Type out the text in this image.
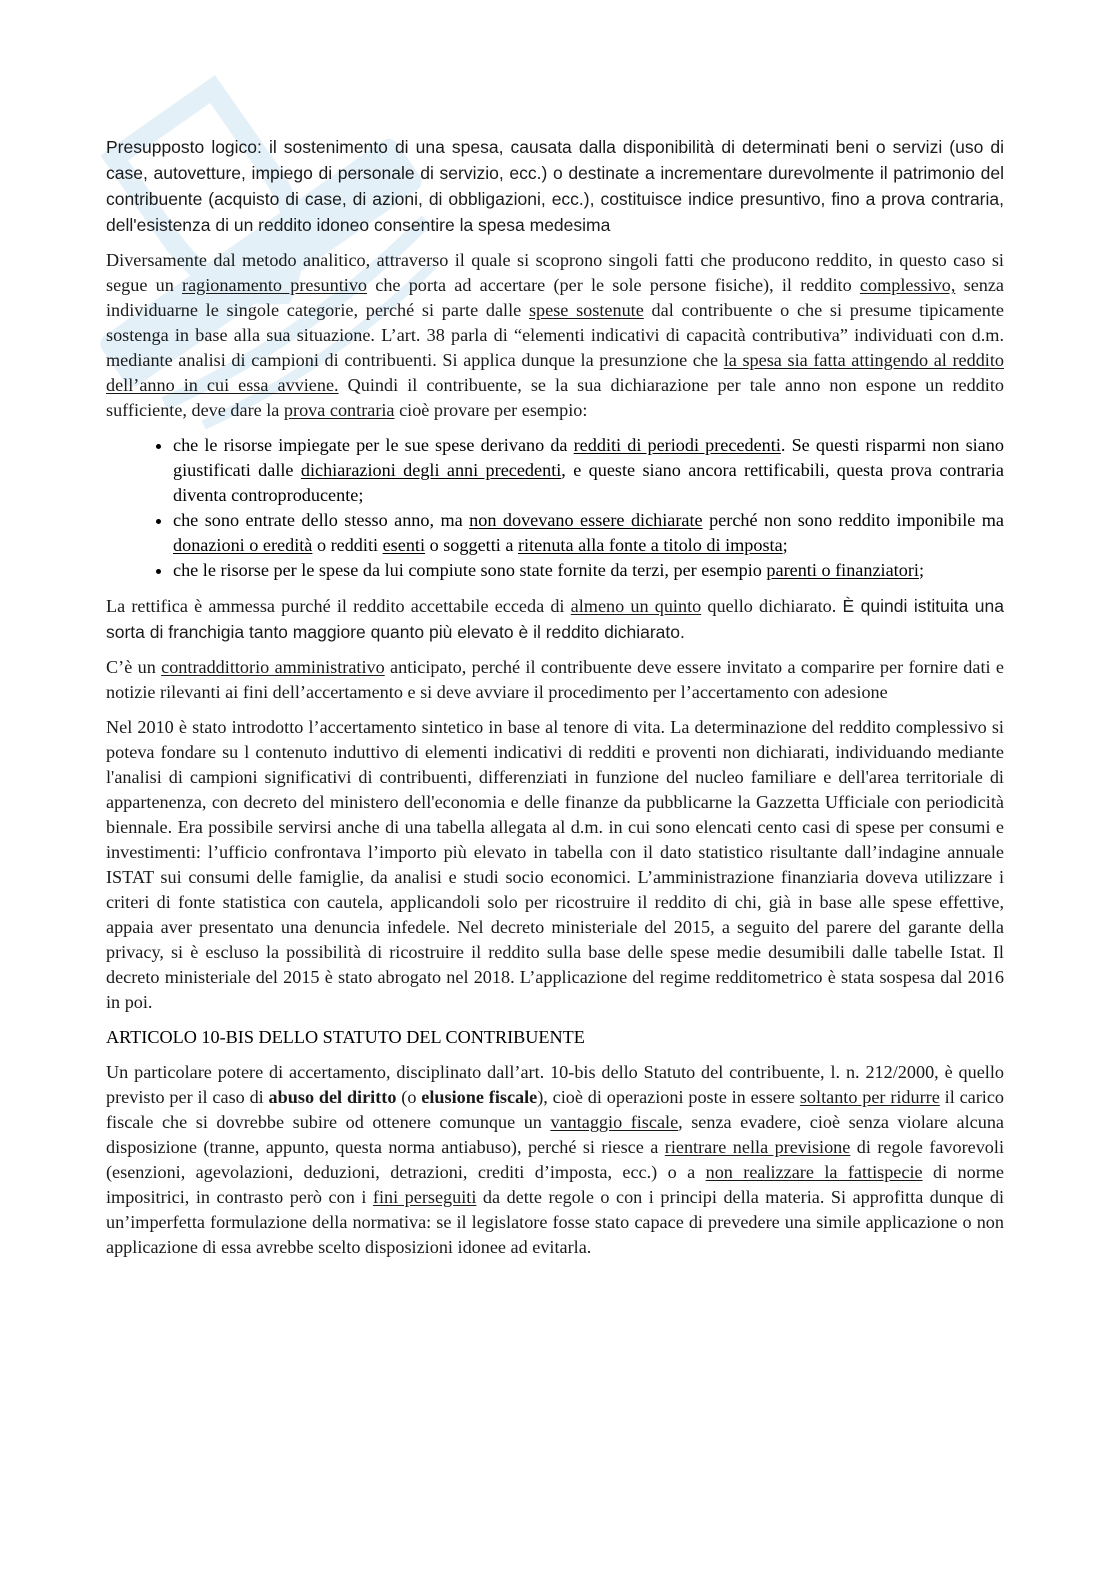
Presupposto logico: il sostenimento di una spesa, causata dalla disponibilità di determinati beni o servizi (uso di case, autovetture, impiego di personale di servizio, ecc.) o destinate a incrementare durevolmente il patrimonio del contribuente (acquisto di case, di azioni, di obbligazioni, ecc.), costituisce indice presuntivo, fino a prova contraria, dell'esistenza di un reddito idoneo consentire la spesa medesima

Diversamente dal metodo analitico, attraverso il quale si scoprono singoli fatti che producono reddito, in questo caso si segue un ragionamento presuntivo che porta ad accertare (per le sole persone fisiche), il reddito complessivo, senza individuarne le singole categorie, perché si parte dalle spese sostenute dal contribuente o che si presume tipicamente sostenga in base alla sua situazione. L’art. 38 parla di “elementi indicativi di capacità contributiva” individuati con d.m. mediante analisi di campioni di contribuenti. Si applica dunque la presunzione che la spesa sia fatta attingendo al reddito dell’anno in cui essa avviene. Quindi il contribuente, se la sua dichiarazione per tale anno non espone un reddito sufficiente, deve dare la prova contraria cioè provare per esempio:

• che le risorse impiegate per le sue spese derivano da redditi di periodi precedenti. Se questi risparmi non siano giustificati dalle dichiarazioni degli anni precedenti, e queste siano ancora rettificabili, questa prova contraria diventa controproducente;
• che sono entrate dello stesso anno, ma non dovevano essere dichiarate perché non sono reddito imponibile ma donazioni o eredità o redditi esenti o soggetti a ritenuta alla fonte a titolo di imposta;
• che le risorse per le spese da lui compiute sono state fornite da terzi, per esempio parenti o finanziatori;

La rettifica è ammessa purché il reddito accettabile ecceda di almeno un quinto quello dichiarato. È quindi istituita una sorta di franchigia tanto maggiore quanto più elevato è il reddito dichiarato.

C’è un contraddittorio amministrativo anticipato, perché il contribuente deve essere invitato a comparire per fornire dati e notizie rilevanti ai fini dell’accertamento e si deve avviare il procedimento per l’accertamento con adesione

Nel 2010 è stato introdotto l’accertamento sintetico in base al tenore di vita. La determinazione del reddito complessivo si poteva fondare su l contenuto induttivo di elementi indicativi di redditi e proventi non dichiarati, individuando mediante l'analisi di campioni significativi di contribuenti, differenziati in funzione del nucleo familiare e dell'area territoriale di appartenenza, con decreto del ministero dell'economia e delle finanze da pubblicarne la Gazzetta Ufficiale con periodicità biennale. Era possibile servirsi anche di una tabella allegata al d.m. in cui sono elencati cento casi di spese per consumi e investimenti: l’ufficio confrontava l’importo più elevato in tabella con il dato statistico risultante dall’indagine annuale ISTAT sui consumi delle famiglie, da analisi e studi socio economici. L’amministrazione finanziaria doveva utilizzare i criteri di fonte statistica con cautela, applicandoli solo per ricostruire il reddito di chi, già in base alle spese effettive, appaia aver presentato una denuncia infedele. Nel decreto ministeriale del 2015, a seguito del parere del garante della privacy, si è escluso la possibilità di ricostruire il reddito sulla base delle spese medie desumibili dalle tabelle Istat. Il decreto ministeriale del 2015 è stato abrogato nel 2018. L’applicazione del regime redditometrico è stata sospesa dal 2016 in poi.

ARTICOLO 10-BIS DELLO STATUTO DEL CONTRIBUENTE

Un particolare potere di accertamento, disciplinato dall’art. 10-bis dello Statuto del contribuente, l. n. 212/2000, è quello previsto per il caso di abuso del diritto (o elusione fiscale), cioè di operazioni poste in essere soltanto per ridurre il carico fiscale che si dovrebbe subire od ottenere comunque un vantaggio fiscale, senza evadere, cioè senza violare alcuna disposizione (tranne, appunto, questa norma antiabuso), perché si riesce a rientrare nella previsione di regole favorevoli (esenzioni, agevolazioni, deduzioni, detrazioni, crediti d’imposta, ecc.) o a non realizzare la fattispecie di norme impositrici, in contrasto però con i fini perseguiti da dette regole o con i principi della materia. Si approfitta dunque di un’imperfetta formulazione della normativa: se il legislatore fosse stato capace di prevedere una simile applicazione o non applicazione di essa avrebbe scelto disposizioni idonee ad evitarla.
